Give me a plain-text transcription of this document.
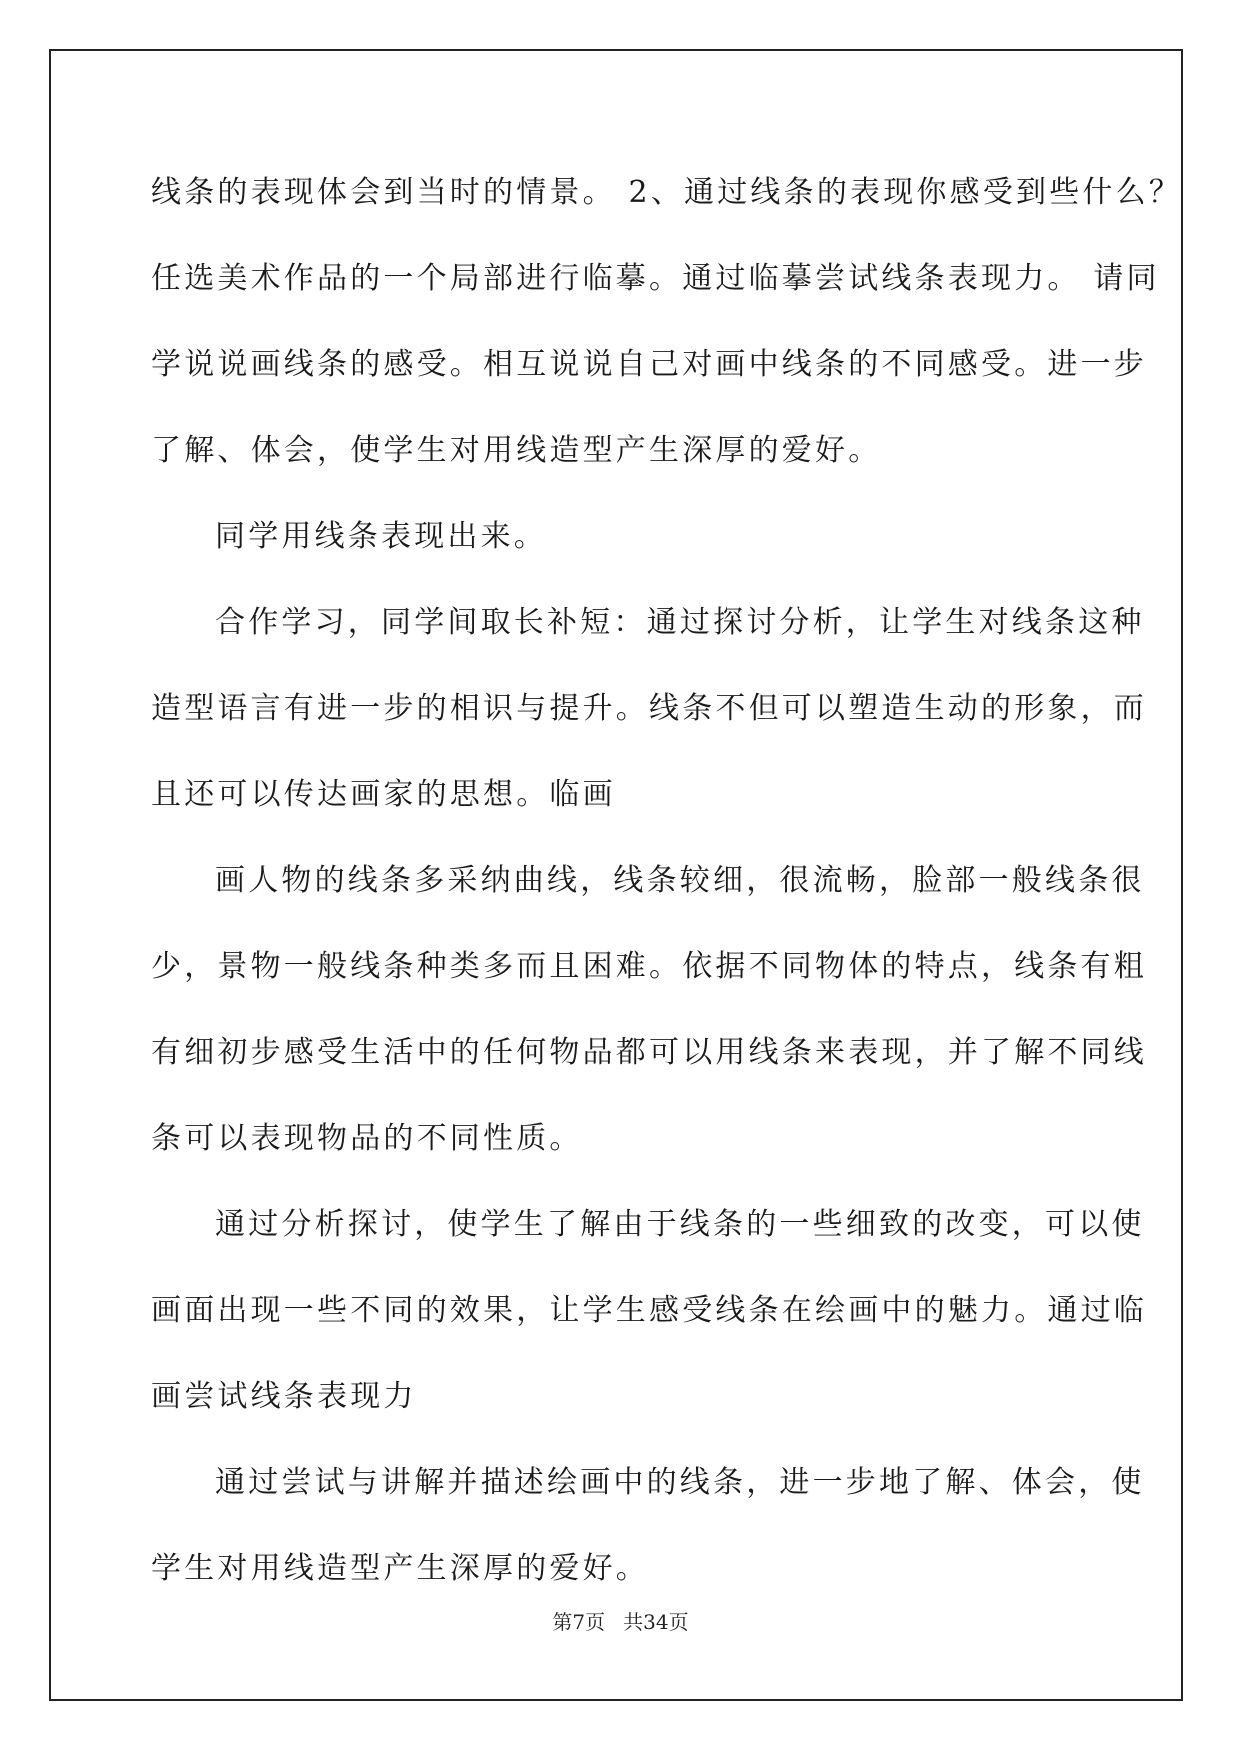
线条的表现体会到当时的情景。 2、通过线条的表现你感受到些什么？
任选美术作品的一个局部进行临摹。通过临摹尝试线条表现力。 请同
学说说画线条的感受。相互说说自己对画中线条的不同感受。进一步
了解、体会，使学生对用线造型产生深厚的爱好。
同学用线条表现出来。
合作学习，同学间取长补短：通过探讨分析，让学生对线条这种
造型语言有进一步的相识与提升。线条不但可以塑造生动的形象，而
且还可以传达画家的思想。临画
画人物的线条多采纳曲线，线条较细，很流畅，脸部一般线条很
少，景物一般线条种类多而且困难。依据不同物体的特点，线条有粗
有细初步感受生活中的任何物品都可以用线条来表现，并了解不同线
条可以表现物品的不同性质。
通过分析探讨，使学生了解由于线条的一些细致的改变，可以使
画面出现一些不同的效果，让学生感受线条在绘画中的魅力。通过临
画尝试线条表现力
通过尝试与讲解并描述绘画中的线条，进一步地了解、体会，使
学生对用线造型产生深厚的爱好。
第7页 共34页
